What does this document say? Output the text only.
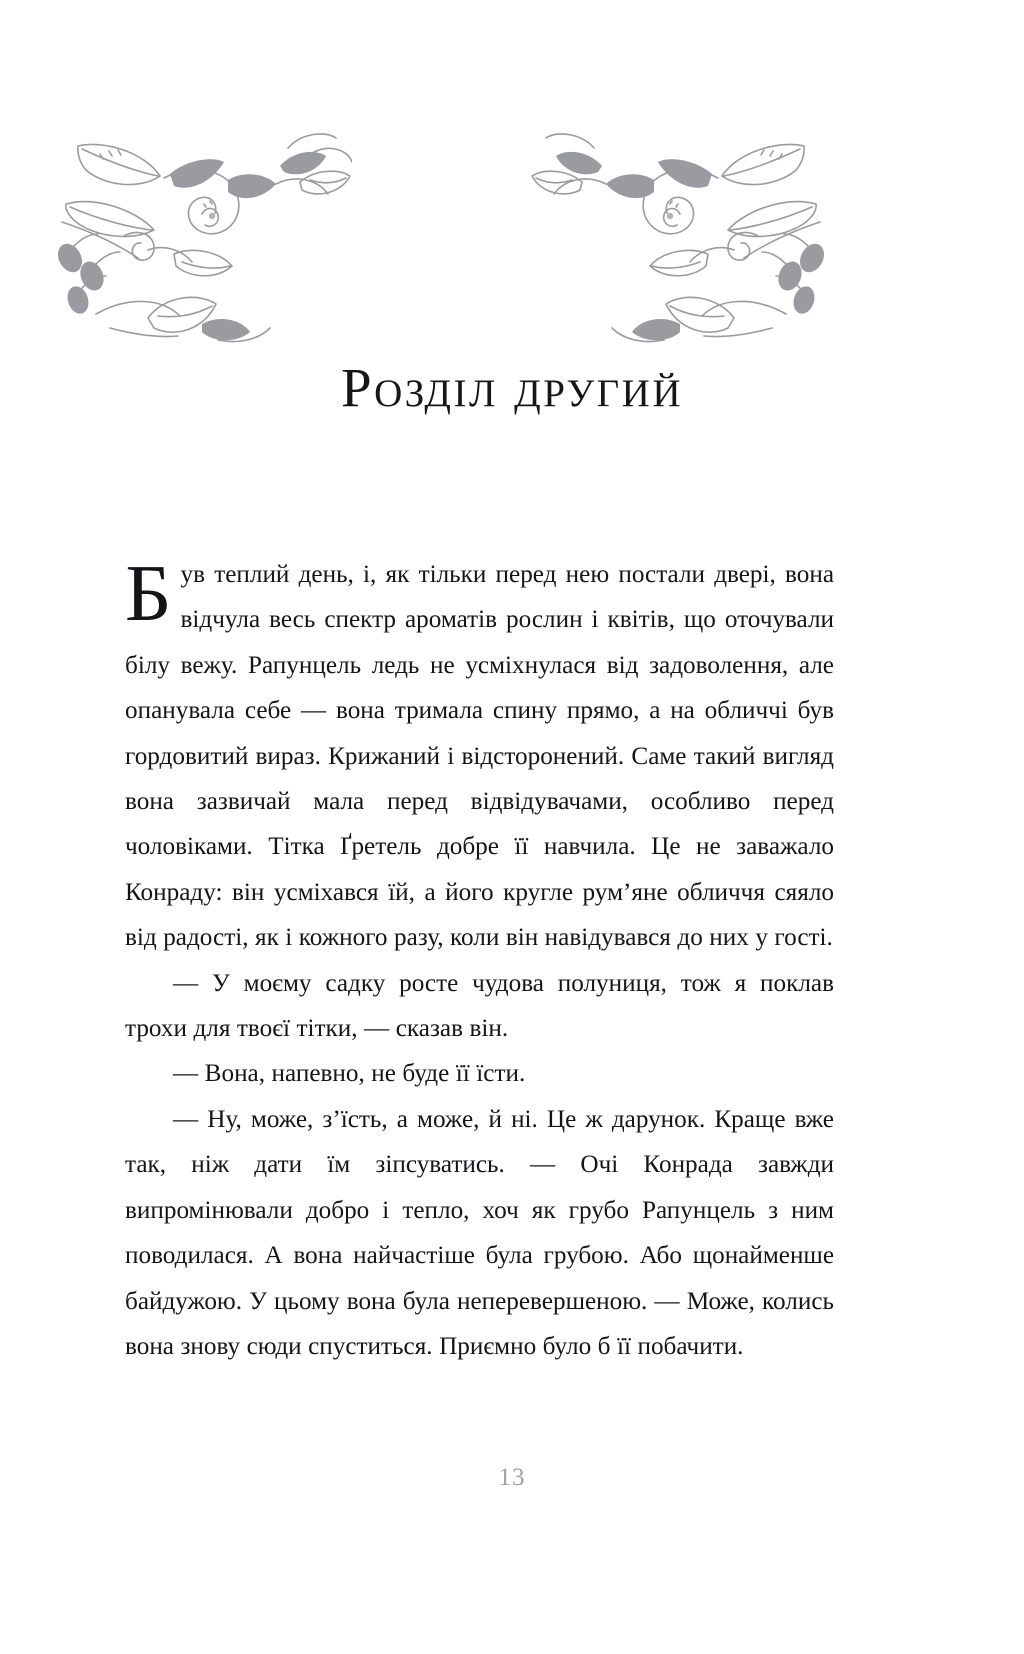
Розділ другий

Був теплий день, і, як тільки перед нею постали двері, вона відчула весь спектр ароматів рослин і квітів, що оточували білу вежу. Рапунцель ледь не усміхнулася від задоволення, але опанувала себе — вона тримала спину прямо, а на обличчі був гордовитий вираз. Крижаний і відсторонений. Саме такий вигляд вона зазвичай мала перед відвідувачами, особливо перед чоловіками. Тітка Ґретель добре її навчила. Це не заважало Конраду: він усміхався їй, а його кругле рум’яне обличчя сяяло від радості, як і кожного разу, коли він навідувався до них у гості.

— У моєму садку росте чудова полуниця, тож я поклав трохи для твоєї тітки, — сказав він.

— Вона, напевно, не буде її їсти.

— Ну, може, з’їсть, а може, й ні. Це ж дарунок. Краще вже так, ніж дати їм зіпсуватись. — Очі Конрада завжди випромінювали добро і тепло, хоч як грубо Рапунцель з ним поводилася. А вона найчастіше була грубою. Або щонайменше байдужою. У цьому вона була неперевершеною. — Може, колись вона знову сюди спуститься. Приємно було б її побачити.

13
